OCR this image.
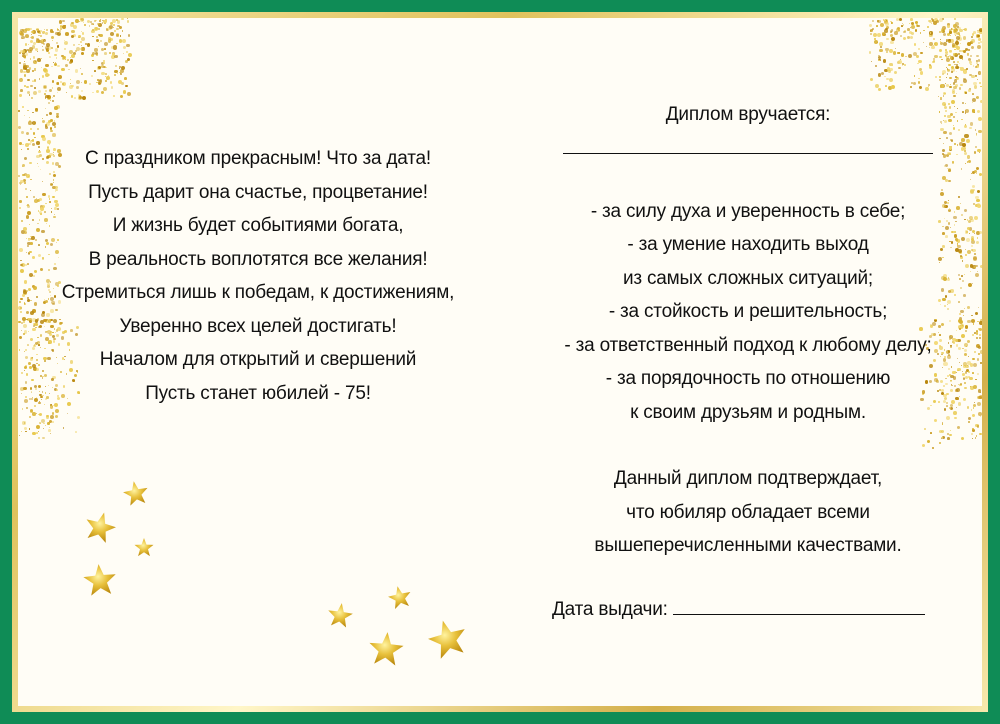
С праздником прекрасным! Что за дата!
Пусть дарит она счастье, процветание!
И жизнь будет событиями богата,
В реальность воплотятся все желания!
Стремиться лишь к победам, к достижениям,
Уверенно всех целей достигать!
Началом для открытий и свершений
Пусть станет юбилей - 75!
Диплом вручается:
- за силу духа и уверенность в себе;
- за умение находить выход
из самых сложных ситуаций;
- за стойкость и решительность;
- за ответственный подход к любому делу;
- за порядочность по отношению
к своим друзьям и родным.
Данный диплом подтверждает,
что юбиляр обладает всеми
вышеперечисленными качествами.
Дата выдачи:
